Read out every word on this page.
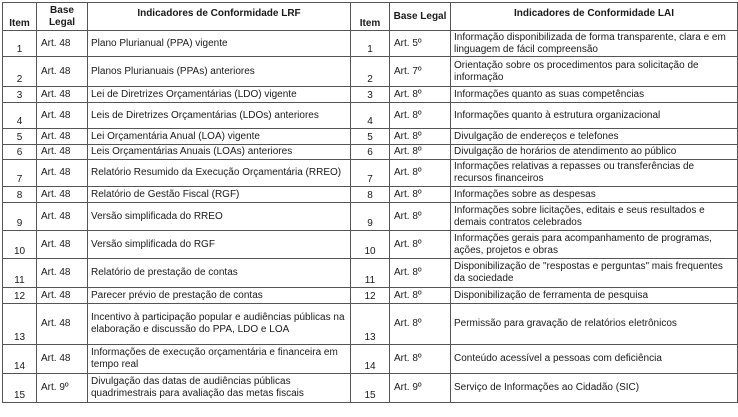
Item	Base Legal	Indicadores de Conformidade LRF	Item	Base Legal	Indicadores de Conformidade LAI
1	Art. 48	Plano Plurianual (PPA) vigente	1	Art. 5º	Informação disponibilizada de forma transparente, clara e em linguagem de fácil compreensão
2	Art. 48	Planos Plurianuais (PPAs) anteriores	2	Art. 7º	Orientação sobre os procedimentos para solicitação de informação
3	Art. 48	Lei de Diretrizes Orçamentárias (LDO) vigente	3	Art. 8º	Informações quanto as suas competências
4	Art. 48	Leis de Diretrizes Orçamentárias (LDOs) anteriores	4	Art. 8º	Informações quanto à estrutura organizacional
5	Art. 48	Lei Orçamentária Anual (LOA) vigente	5	Art. 8º	Divulgação de endereços e telefones
6	Art. 48	Leis Orçamentárias Anuais (LOAs) anteriores	6	Art. 8º	Divulgação de horários de atendimento ao público
7	Art. 48	Relatório Resumido da Execução Orçamentária (RREO)	7	Art. 8º	Informações relativas a repasses ou transferências de recursos financeiros
8	Art. 48	Relatório de Gestão Fiscal (RGF)	8	Art. 8º	Informações sobre as despesas
9	Art. 48	Versão simplificada do RREO	9	Art. 8º	Informações sobre licitações, editais e seus resultados e demais contratos celebrados
10	Art. 48	Versão simplificada do RGF	10	Art. 8º	Informações gerais para acompanhamento de programas, ações, projetos e obras
11	Art. 48	Relatório de prestação de contas	11	Art. 8º	Disponibilização de "respostas e perguntas" mais frequentes da sociedade
12	Art. 48	Parecer prévio de prestação de contas	12	Art. 8º	Disponibilização de ferramenta de pesquisa
13	Art. 48	Incentivo à participação popular e audiências públicas na elaboração e discussão do PPA, LDO e LOA	13	Art. 8º	Permissão para gravação de relatórios eletrônicos
14	Art. 48	Informações de execução orçamentária e financeira em tempo real	14	Art. 8º	Conteúdo acessível a pessoas com deficiência
15	Art. 9º	Divulgação das datas de audiências públicas quadrimestrais para avaliação das metas fiscais	15	Art. 9º	Serviço de Informações ao Cidadão (SIC)
